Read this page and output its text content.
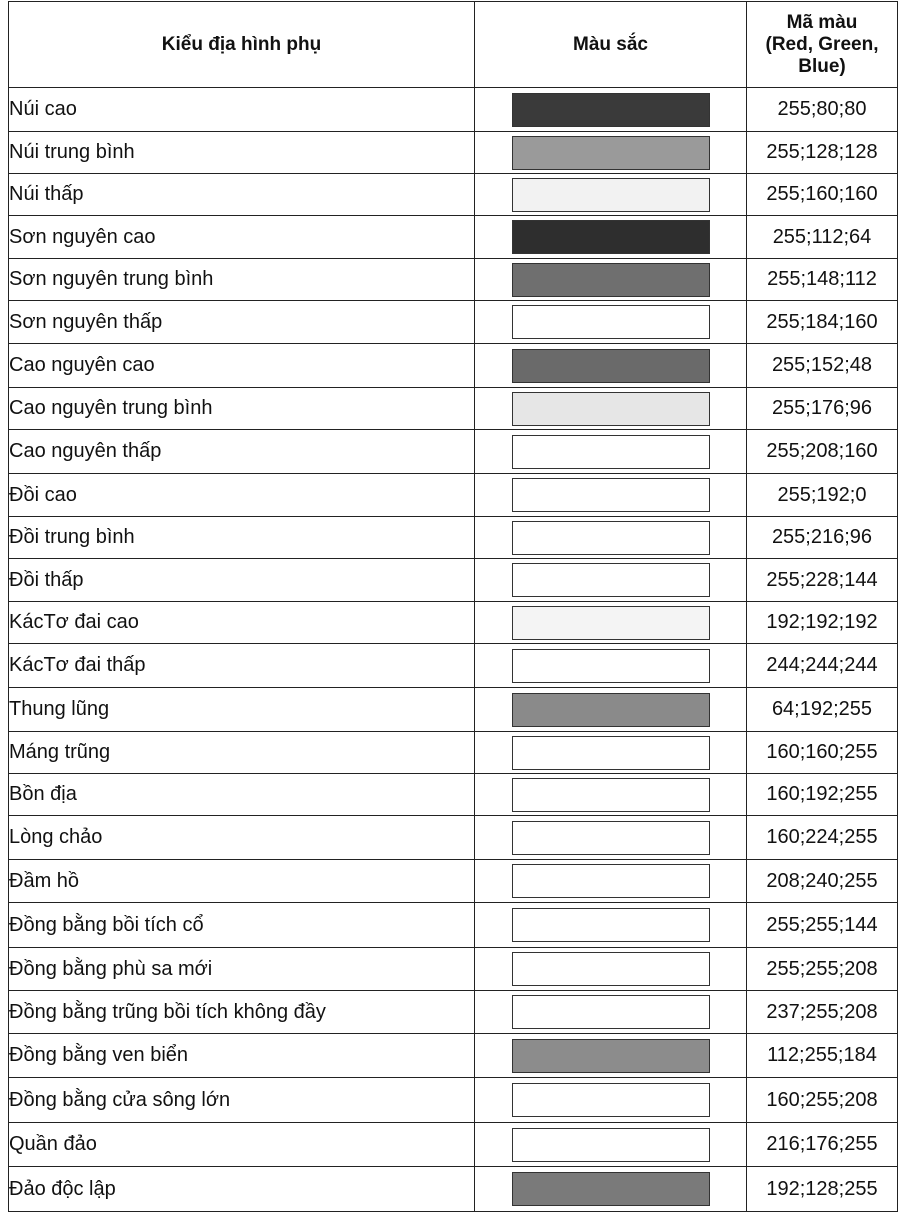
Kiểu địa hình phụ	Màu sắc	Mã màu
(Red, Green,
Blue)

Núi cao		255;80;80
Núi trung bình		255;128;128
Núi thấp		255;160;160
Sơn nguyên cao		255;112;64
Sơn nguyên trung bình		255;148;112
Sơn nguyên thấp		255;184;160
Cao nguyên cao		255;152;48
Cao nguyên trung bình		255;176;96
Cao nguyên thấp		255;208;160
Đồi cao		255;192;0
Đồi trung bình		255;216;96
Đồi thấp		255;228;144
KácTơ đai cao		192;192;192
KácTơ đai thấp		244;244;244
Thung lũng		64;192;255
Máng trũng		160;160;255
Bồn địa		160;192;255
Lòng chảo		160;224;255
Đầm hồ		208;240;255
Đồng bằng bồi tích cổ		255;255;144
Đồng bằng phù sa mới		255;255;208
Đồng bằng trũng bồi tích không đầy		237;255;208
Đồng bằng ven biển		112;255;184
Đồng bằng cửa sông lớn		160;255;208
Quần đảo		216;176;255
Đảo độc lập		192;128;255
